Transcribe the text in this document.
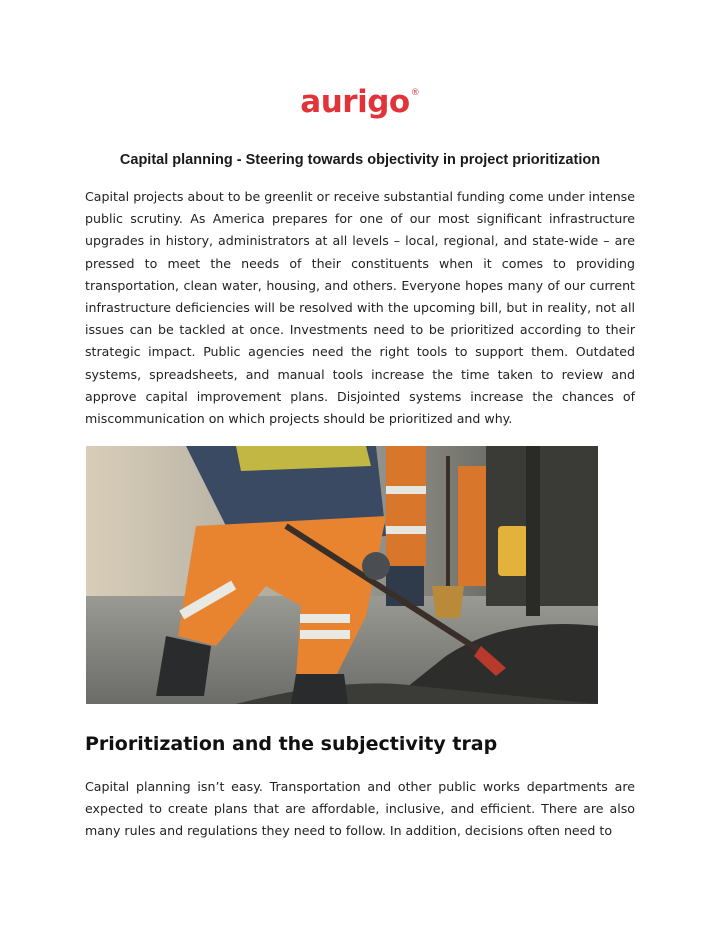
aurigo®
Capital planning - Steering towards objectivity in project prioritization

Capital projects about to be greenlit or receive substantial funding come under intense public scrutiny. As America prepares for one of our most significant infrastructure upgrades in history, administrators at all levels – local, regional, and state-wide – are pressed to meet the needs of their constituents when it comes to providing transportation, clean water, housing, and others. Everyone hopes many of our current infrastructure deficiencies will be resolved with the upcoming bill, but in reality, not all issues can be tackled at once. Investments need to be prioritized according to their strategic impact. Public agencies need the right tools to support them. Outdated systems, spreadsheets, and manual tools increase the time taken to review and approve capital improvement plans. Disjointed systems increase the chances of miscommunication on which projects should be prioritized and why.

Prioritization and the subjectivity trap

Capital planning isn’t easy. Transportation and other public works departments are expected to create plans that are affordable, inclusive, and efficient. There are also many rules and regulations they need to follow. In addition, decisions often need to
